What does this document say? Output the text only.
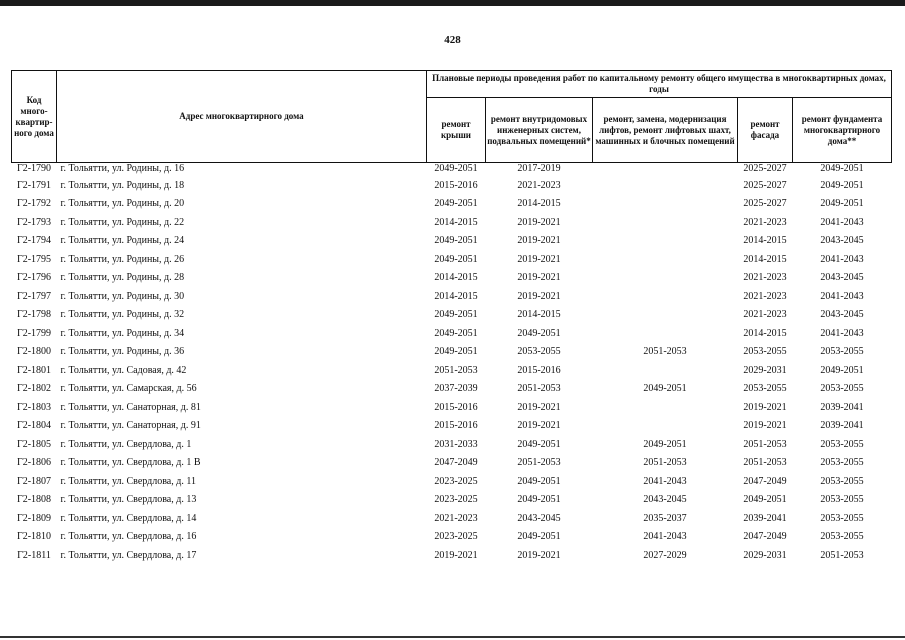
428
Код много-квартир-ного дома	Адрес многоквартирного дома	Плановые периоды проведения работ по капитальному ремонту общего имущества в многоквартирных домах, годы				
		ремонт крыши	ремонт внутридомовых инженерных систем, подвальных помещений*	ремонт, замена, модернизация лифтов, ремонт лифтовых шахт, машинных и блочных помещений	ремонт фасада	ремонт фундамента многоквартирного дома**
Г2-1790	г. Тольятти, ул. Родины, д. 16	2049-2051	2017-2019		2025-2027	2049-2051
Г2-1791	г. Тольятти, ул. Родины, д. 18	2015-2016	2021-2023		2025-2027	2049-2051
Г2-1792	г. Тольятти, ул. Родины, д. 20	2049-2051	2014-2015		2025-2027	2049-2051
Г2-1793	г. Тольятти, ул. Родины, д. 22	2014-2015	2019-2021		2021-2023	2041-2043
Г2-1794	г. Тольятти, ул. Родины, д. 24	2049-2051	2019-2021		2014-2015	2043-2045
Г2-1795	г. Тольятти, ул. Родины, д. 26	2049-2051	2019-2021		2014-2015	2041-2043
Г2-1796	г. Тольятти, ул. Родины, д. 28	2014-2015	2019-2021		2021-2023	2043-2045
Г2-1797	г. Тольятти, ул. Родины, д. 30	2014-2015	2019-2021		2021-2023	2041-2043
Г2-1798	г. Тольятти, ул. Родины, д. 32	2049-2051	2014-2015		2021-2023	2043-2045
Г2-1799	г. Тольятти, ул. Родины, д. 34	2049-2051	2049-2051		2014-2015	2041-2043
Г2-1800	г. Тольятти, ул. Родины, д. 36	2049-2051	2053-2055	2051-2053	2053-2055	2053-2055
Г2-1801	г. Тольятти, ул. Садовая, д. 42	2051-2053	2015-2016		2029-2031	2049-2051
Г2-1802	г. Тольятти, ул. Самарская, д. 56	2037-2039	2051-2053	2049-2051	2053-2055	2053-2055
Г2-1803	г. Тольятти, ул. Санаторная, д. 81	2015-2016	2019-2021		2019-2021	2039-2041
Г2-1804	г. Тольятти, ул. Санаторная, д. 91	2015-2016	2019-2021		2019-2021	2039-2041
Г2-1805	г. Тольятти, ул. Свердлова, д. 1	2031-2033	2049-2051	2049-2051	2051-2053	2053-2055
Г2-1806	г. Тольятти, ул. Свердлова, д. 1 В	2047-2049	2051-2053	2051-2053	2051-2053	2053-2055
Г2-1807	г. Тольятти, ул. Свердлова, д. 11	2023-2025	2049-2051	2041-2043	2047-2049	2053-2055
Г2-1808	г. Тольятти, ул. Свердлова, д. 13	2023-2025	2049-2051	2043-2045	2049-2051	2053-2055
Г2-1809	г. Тольятти, ул. Свердлова, д. 14	2021-2023	2043-2045	2035-2037	2039-2041	2053-2055
Г2-1810	г. Тольятти, ул. Свердлова, д. 16	2023-2025	2049-2051	2041-2043	2047-2049	2053-2055
Г2-1811	г. Тольятти, ул. Свердлова, д. 17	2019-2021	2019-2021	2027-2029	2029-2031	2051-2053
